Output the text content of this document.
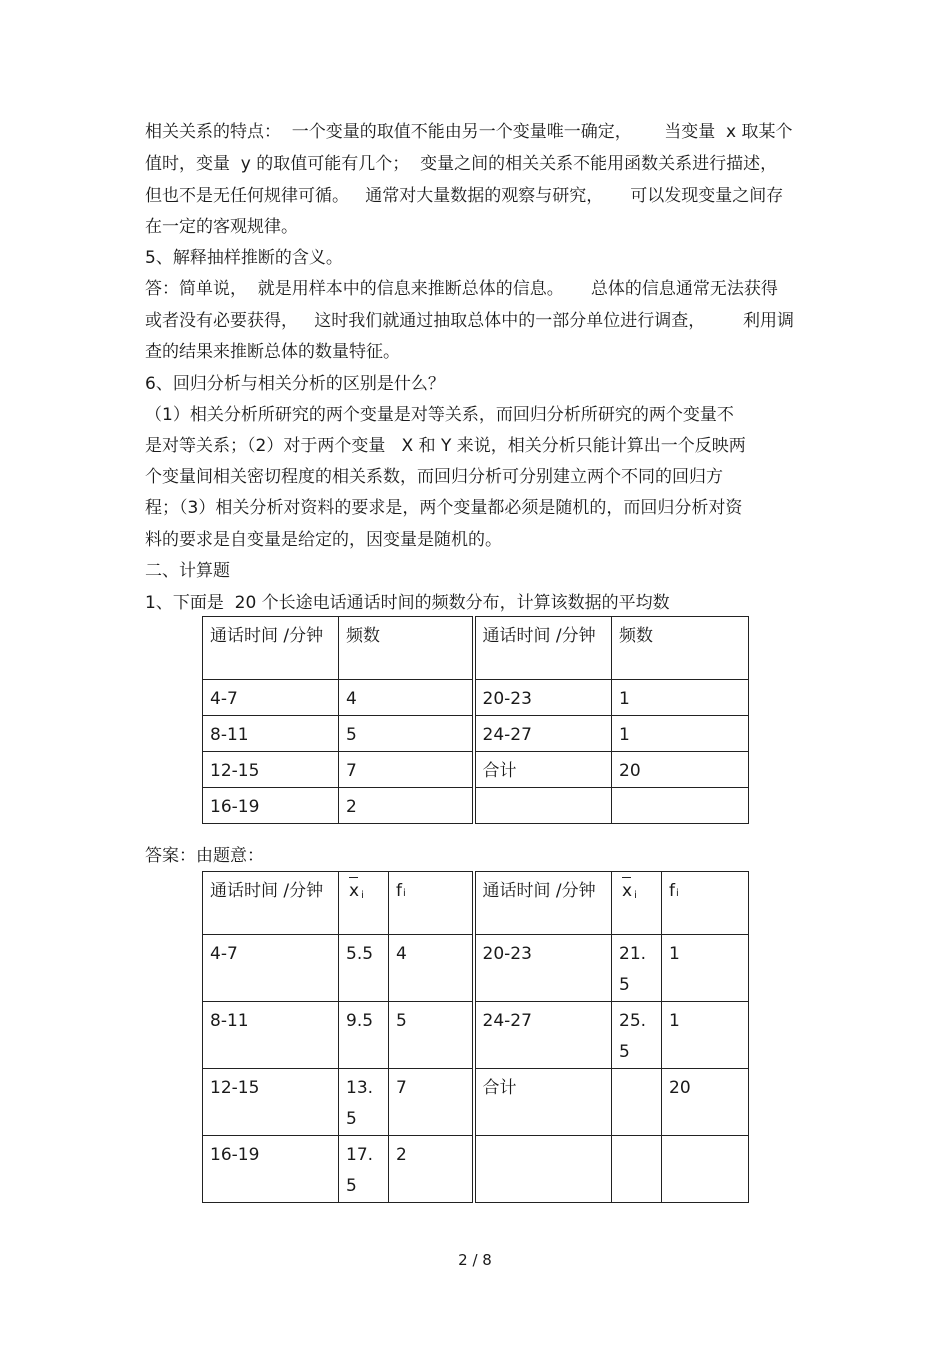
相关关系的特点：  一个变量的取值不能由另一个变量唯一确定，      当变量  x 取某个

值时，变量  y 的取值可能有几个；  变量之间的相关关系不能用函数关系进行描述，

但也不是无任何规律可循。   通常对大量数据的观察与研究，     可以发现变量之间存

在一定的客观规律。

5、解释抽样推断的含义。

答：简单说，  就是用样本中的信息来推断总体的信息。     总体的信息通常无法获得

或者没有必要获得，   这时我们就通过抽取总体中的一部分单位进行调查，       利用调

查的结果来推断总体的数量特征。

6、回归分析与相关分析的区别是什么？

（1）相关分析所研究的两个变量是对等关系，而回归分析所研究的两个变量不

是对等关系；（2）对于两个变量   X 和 Y 来说，相关分析只能计算出一个反映两

个变量间相关密切程度的相关系数，而回归分析可分别建立两个不同的回归方

程；（3）相关分析对资料的要求是，两个变量都必须是随机的，而回归分析对资

料的要求是自变量是给定的，因变量是随机的。

二、计算题

1、下面是  20 个长途电话通话时间的频数分布，计算该数据的平均数

通话时间 /分钟	频数	通话时间 /分钟	频数
4-7	4	20-23	1
8-11	5	24-27	1
12-15	7	合计	20
16-19	2		

答案：由题意：

通话时间 /分钟	x $_i$	fi	通话时间 /分钟	x $_i$	fi
4-7	5.5	4	20-23	21.5	1
8-11	9.5	5	24-27	25.5	1
12-15	13.5	7	合计		20
16-19	17.5	2			

2 / 8
